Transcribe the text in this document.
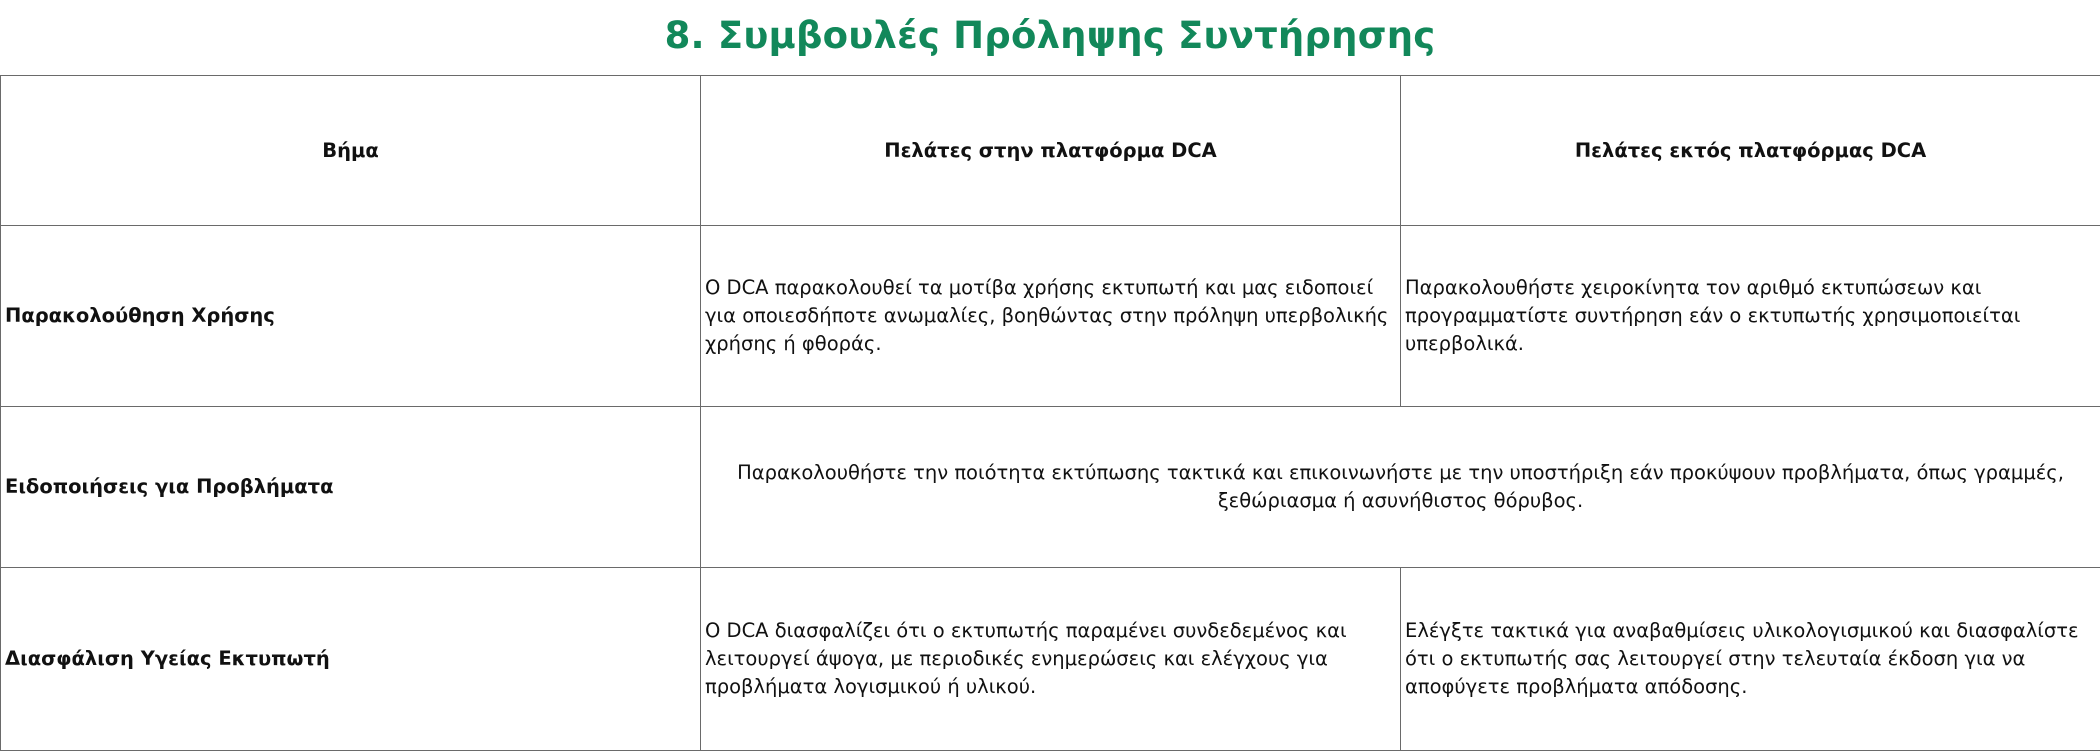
8. Συμβουλές Πρόληψης Συντήρησης
Βήμα	Πελάτες στην πλατφόρμα DCA	Πελάτες εκτός πλατφόρμας DCA
Παρακολούθηση Χρήσης	Ο DCA παρακολουθεί τα μοτίβα χρήσης εκτυπωτή και μας ειδοποιεί για οποιεσδήποτε ανωμαλίες, βοηθώντας στην πρόληψη υπερβολικής χρήσης ή φθοράς.	Παρακολουθήστε χειροκίνητα τον αριθμό εκτυπώσεων και προγραμματίστε συντήρηση εάν ο εκτυπωτής χρησιμοποιείται υπερβολικά.
Ειδοποιήσεις για Προβλήματα	Παρακολουθήστε την ποιότητα εκτύπωσης τακτικά και επικοινωνήστε με την υποστήριξη εάν προκύψουν προβλήματα, όπως γραμμές, ξεθώριασμα ή ασυνήθιστος θόρυβος.	
Διασφάλιση Υγείας Εκτυπωτή	Ο DCA διασφαλίζει ότι ο εκτυπωτής παραμένει συνδεδεμένος και λειτουργεί άψογα, με περιοδικές ενημερώσεις και ελέγχους για προβλήματα λογισμικού ή υλικού.	Ελέγξτε τακτικά για αναβαθμίσεις υλικολογισμικού και διασφαλίστε ότι ο εκτυπωτής σας λειτουργεί στην τελευταία έκδοση για να αποφύγετε προβλήματα απόδοσης.
